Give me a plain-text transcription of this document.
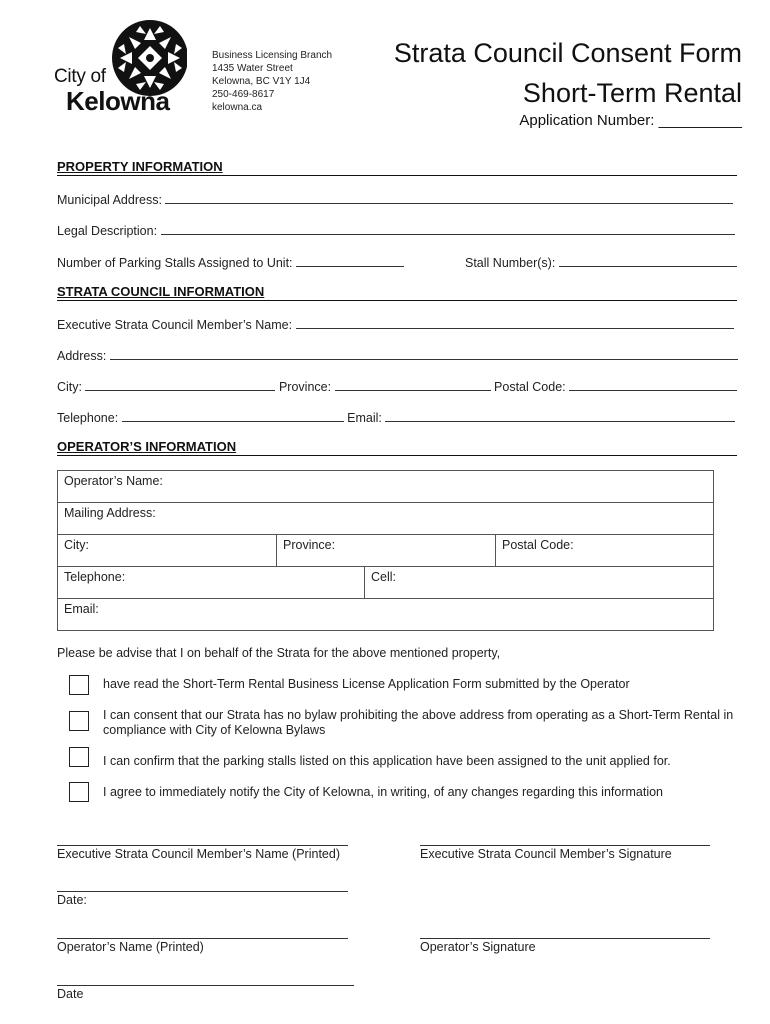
City of
Kelowna
Business Licensing Branch
1435 Water Street
Kelowna, BC V1Y 1J4
250-469-8617
kelowna.ca
Strata Council Consent Form
Short-Term Rental
Application Number: __________
PROPERTY INFORMATION
Municipal Address:
Legal Description:
Number of Parking Stalls Assigned to Unit:	Stall Number(s):
STRATA COUNCIL INFORMATION
Executive Strata Council Member’s Name:
Address:
City:	Province:	Postal Code:
Telephone:	Email:
OPERATOR’S INFORMATION
Operator’s Name:
Mailing Address:
City:	Province:	Postal Code:
Telephone:	Cell:
Email:
Please be advise that I on behalf of the Strata for the above mentioned property,
have read the Short-Term Rental Business License Application Form submitted by the Operator
I can consent that our Strata has no bylaw prohibiting the above address from operating as a Short-Term Rental in compliance with City of Kelowna Bylaws
I can confirm that the parking stalls listed on this application have been assigned to the unit applied for.
I agree to immediately notify the City of Kelowna, in writing, of any changes regarding this information
Executive Strata Council Member’s Name (Printed)	Executive Strata Council Member’s Signature
Date:
Operator’s Name (Printed)	Operator’s Signature
Date
